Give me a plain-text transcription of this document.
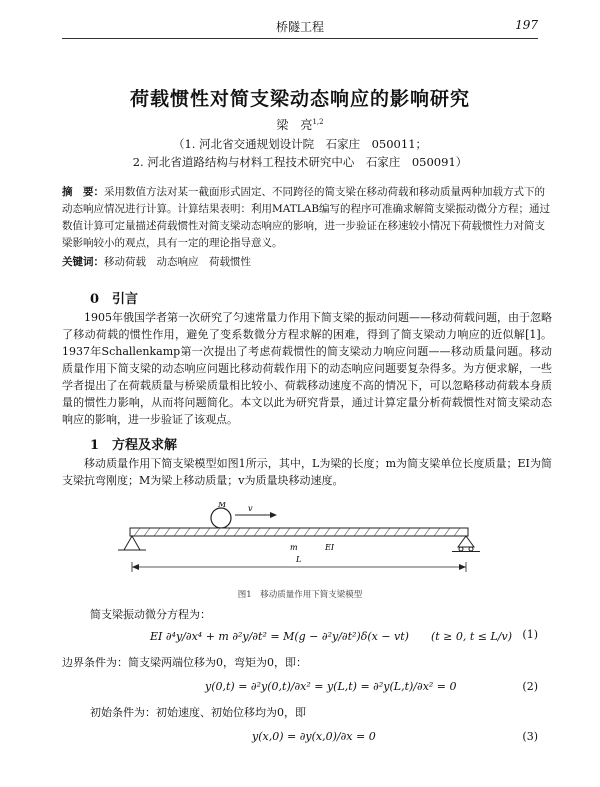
桥隧工程	197
荷载惯性对简支梁动态响应的影响研究
梁　亮$^{1,2}$
（1. 河北省交通规划设计院　石家庄　050011；
2. 河北省道路结构与材料工程技术研究中心　石家庄　050091）
摘　要：采用数值方法对某一截面形式固定、不同跨径的简支梁在移动荷载和移动质量两种加载方式下的动态响应情况进行计算。计算结果表明：利用MATLAB编写的程序可准确求解简支梁振动微分方程；通过数值计算可定量描述荷载惯性对简支梁动态响应的影响，进一步验证在移速较小情况下荷载惯性力对简支梁影响较小的观点，具有一定的理论指导意义。
关键词：移动荷载　动态响应　荷载惯性
0　引言
1905年俄国学者第一次研究了匀速常量力作用下简支梁的振动问题——移动荷载问题，由于忽略了移动荷载的惯性作用，避免了变系数微分方程求解的困难，得到了简支梁动力响应的近似解[1]。1937年Schallenkamp第一次提出了考虑荷载惯性的简支梁动力响应问题——移动质量问题。移动质量作用下简支梁的动态响应问题比移动荷载作用下的动态响应问题要复杂得多。为方便求解，一些学者提出了在荷载质量与桥梁质量相比较小、荷载移动速度不高的情况下，可以忽略移动荷载本身质量的惯性力影响，从而将问题简化。本文以此为研究背景，通过计算定量分析荷载惯性对简支梁动态响应的影响，进一步验证了该观点。
1　方程及求解
移动质量作用下简支梁模型如图1所示，其中，L为梁的长度；m为简支梁单位长度质量；EI为简支梁抗弯刚度；M为梁上移动质量；v为质量块移动速度。
M	v
m	EI
L
图1　移动质量作用下简支梁模型
简支梁振动微分方程为：
EI ∂⁴y/∂x⁴ + m ∂²y/∂t² = M(g − ∂²y/∂t²)δ(x − vt)　　(t ≥ 0, t ≤ L/v) (1)
边界条件为：简支梁两端位移为0，弯矩为0，即：
y(0,t) = ∂²y(0,t)/∂x² = y(L,t) = ∂²y(L,t)/∂x² = 0	(2)
初始条件为：初始速度、初始位移均为0，即
y(x,0) = ∂y(x,0)/∂x = 0	(3)
